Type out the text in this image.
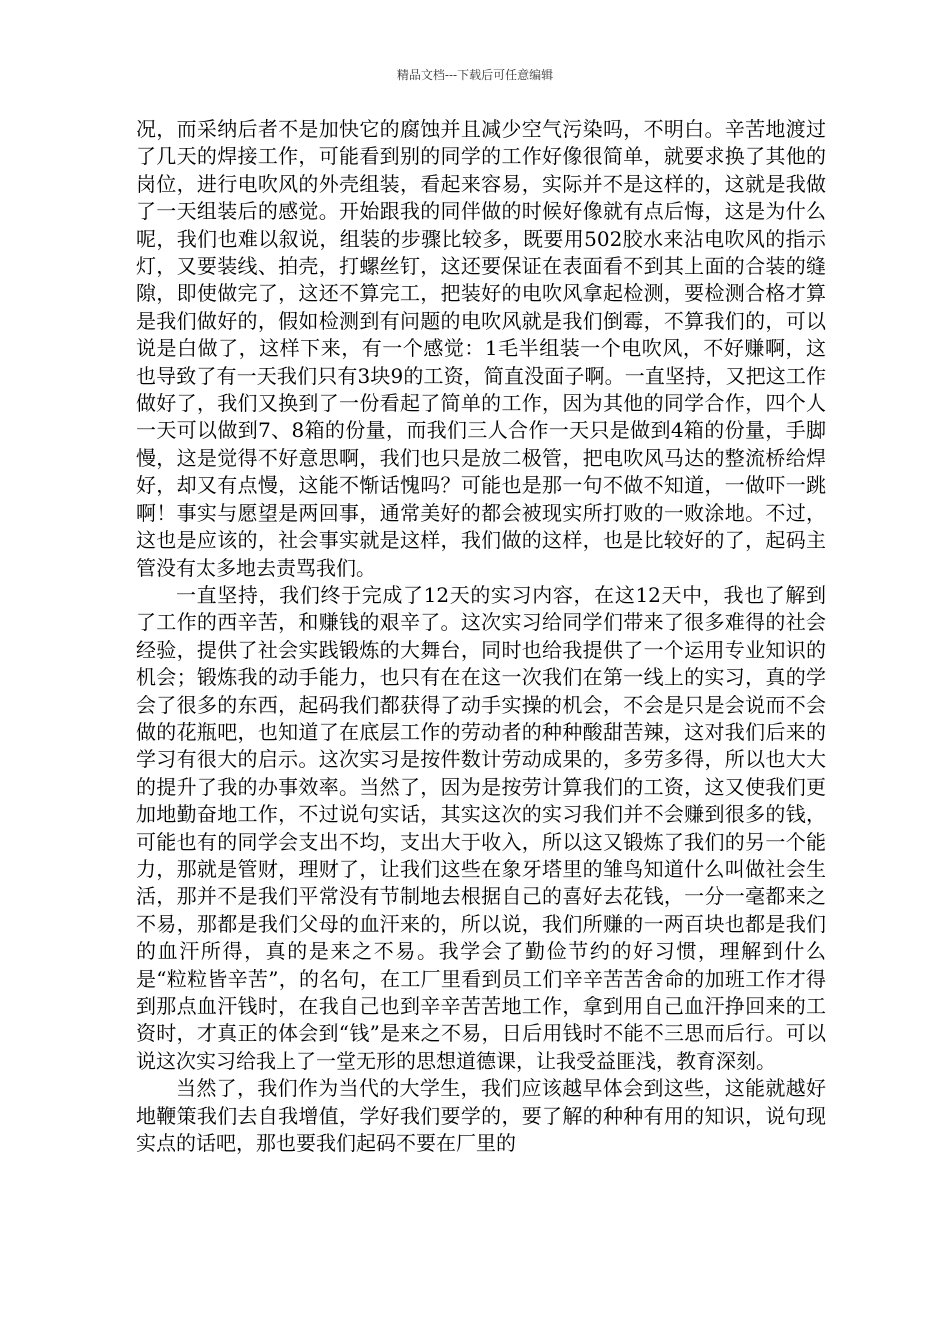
精品文档---下载后可任意编辑

况，而采纳后者不是加快它的腐蚀并且减少空气污染吗，不明白。辛苦地渡过了几天的焊接工作，可能看到别的同学的工作好像很简单，就要求换了其他的岗位，进行电吹风的外壳组装，看起来容易，实际并不是这样的，这就是我做了一天组装后的感觉。开始跟我的同伴做的时候好像就有点后悔，这是为什么呢，我们也难以叙说，组装的步骤比较多，既要用502胶水来沾电吹风的指示灯，又要装线、拍壳，打螺丝钉，这还要保证在表面看不到其上面的合装的缝隙，即使做完了，这还不算完工，把装好的电吹风拿起检测，要检测合格才算是我们做好的，假如检测到有问题的电吹风就是我们倒霉，不算我们的，可以说是白做了，这样下来，有一个感觉：1毛半组装一个电吹风，不好赚啊，这也导致了有一天我们只有3块9的工资，简直没面子啊。一直坚持，又把这工作做好了，我们又换到了一份看起了简单的工作，因为其他的同学合作，四个人一天可以做到7、8箱的份量，而我们三人合作一天只是做到4箱的份量，手脚慢，这是觉得不好意思啊，我们也只是放二极管，把电吹风马达的整流桥给焊好，却又有点慢，这能不惭话愧吗？可能也是那一句不做不知道，一做吓一跳啊！事实与愿望是两回事，通常美好的都会被现实所打败的一败涂地。不过，这也是应该的，社会事实就是这样，我们做的这样，也是比较好的了，起码主管没有太多地去责骂我们。

一直坚持，我们终于完成了12天的实习内容，在这12天中，我也了解到了工作的西辛苦，和赚钱的艰辛了。这次实习给同学们带来了很多难得的社会经验，提供了社会实践锻炼的大舞台，同时也给我提供了一个运用专业知识的机会；锻炼我的动手能力，也只有在在这一次我们在第一线上的实习，真的学会了很多的东西，起码我们都获得了动手实操的机会，不会是只是会说而不会做的花瓶吧，也知道了在底层工作的劳动者的种种酸甜苦辣，这对我们后来的学习有很大的启示。这次实习是按件数计劳动成果的，多劳多得，所以也大大的提升了我的办事效率。当然了，因为是按劳计算我们的工资，这又使我们更加地勤奋地工作，不过说句实话，其实这次的实习我们并不会赚到很多的钱，可能也有的同学会支出不均，支出大于收入，所以这又锻炼了我们的另一个能力，那就是管财，理财了，让我们这些在象牙塔里的雏鸟知道什么叫做社会生活，那并不是我们平常没有节制地去根据自己的喜好去花钱，一分一毫都来之不易，那都是我们父母的血汗来的，所以说，我们所赚的一两百块也都是我们的血汗所得，真的是来之不易。我学会了勤俭节约的好习惯，理解到什么是“粒粒皆辛苦”，的名句，在工厂里看到员工们辛辛苦苦舍命的加班工作才得到那点血汗钱时，在我自己也到辛辛苦苦地工作，拿到用自己血汗挣回来的工资时，才真正的体会到“钱”是来之不易，日后用钱时不能不三思而后行。可以说这次实习给我上了一堂无形的思想道德课，让我受益匪浅，教育深刻。

当然了，我们作为当代的大学生，我们应该越早体会到这些，这能就越好地鞭策我们去自我增值，学好我们要学的，要了解的种种有用的知识，说句现实点的话吧，那也要我们起码不要在厂里的
